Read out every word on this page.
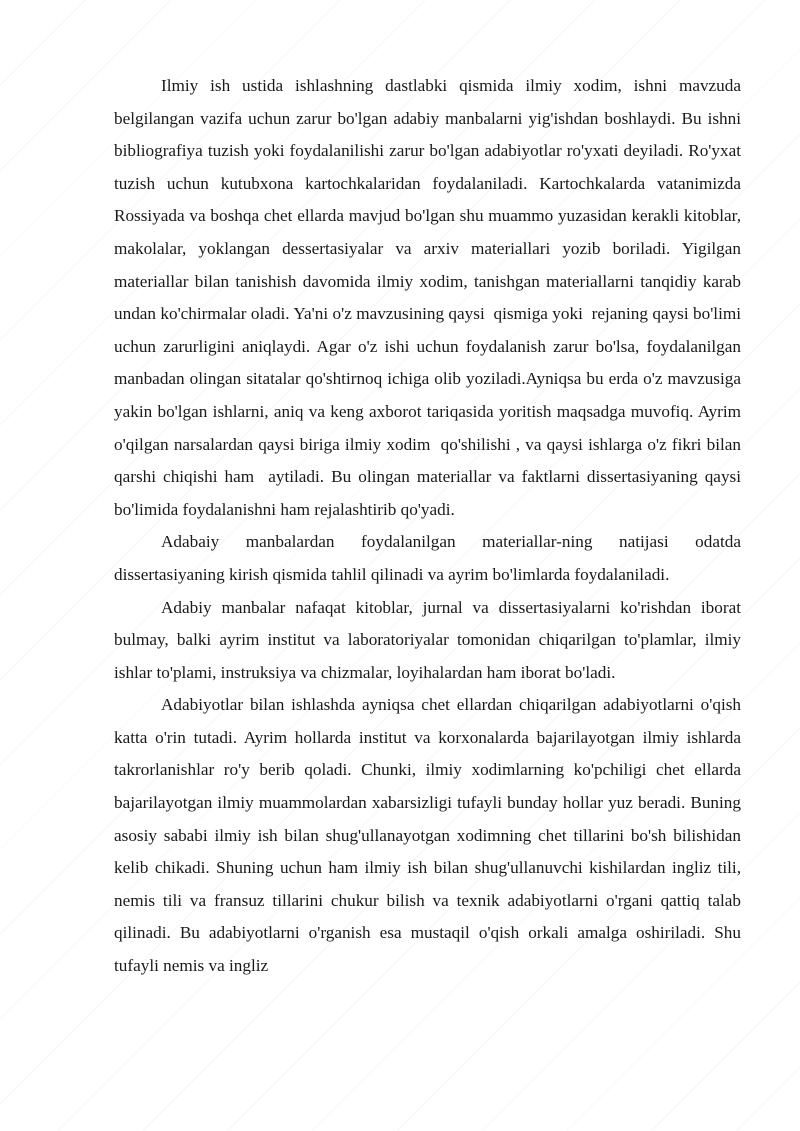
Ilmiy ish ustida ishlashning dastlabki qismida ilmiy xodim, ishni mavzuda belgilangan vazifa uchun zarur bo'lgan adabiy manbalarni yig'ishdan boshlaydi. Bu ishni bibliografiya tuzish yoki foydalanilishi zarur bo'lgan adabiyotlar ro'yxati deyiladi. Ro'yxat tuzish uchun kutubxona kartochkalaridan foydalaniladi. Kartochkalarda vatanimizda Rossiyada va boshqa chet ellarda mavjud bo'lgan shu muammo yuzasidan kerakli kitoblar, makolalar, yoklangan dessertasiyalar va arxiv materiallari yozib boriladi. Yigilgan materiallar bilan tanishish davomida ilmiy xodim, tanishgan materiallarni tanqidiy karab undan ko'chirmalar oladi. Ya'ni o'z mavzusining qaysi  qismiga yoki  rejaning qaysi bo'limi  uchun zarurligini aniqlaydi. Agar o'z ishi uchun foydalanish zarur bo'lsa, foydalanilgan manbadan olingan sitatalar qo'shtirnoq ichiga olib yoziladi.Ayniqsa bu erda o'z mavzusiga yakin bo'lgan ishlarni, aniq va keng axborot tariqasida yoritish maqsadga muvofiq. Ayrim o'qilgan narsalardan qaysi biriga ilmiy xodim  qo'shilishi , va qaysi ishlarga o'z fikri bilan qarshi chiqishi ham  aytiladi. Bu olingan materiallar va faktlarni dissertasiyaning qaysi bo'limida foydalanishni ham rejalashtirib qo'yadi.

Adabaiy manbalardan foydalanilgan materiallar-ning natijasi odatda dissertasiyaning kirish qismida tahlil qilinadi va ayrim bo'limlarda foydalaniladi.

Adabiy manbalar nafaqat kitoblar, jurnal va dissertasiyalarni ko'rishdan iborat bulmay, balki ayrim institut va laboratoriyalar tomonidan chiqarilgan to'plamlar, ilmiy ishlar to'plami, instruksiya va chizmalar, loyihalardan ham iborat bo'ladi.

Adabiyotlar bilan ishlashda ayniqsa chet ellardan chiqarilgan adabiyotlarni o'qish katta o'rin tutadi. Ayrim hollarda institut va korxonalarda bajarilayotgan ilmiy ishlarda takrorlanishlar ro'y berib qoladi. Chunki, ilmiy xodimlarning ko'pchiligi chet ellarda bajarilayotgan ilmiy muammolardan xabarsizligi tufayli bunday hollar yuz beradi. Buning asosiy sababi ilmiy ish bilan shug'ullanayotgan xodimning chet tillarini bo'sh bilishidan kelib chikadi. Shuning uchun ham ilmiy ish bilan shug'ullanuvchi kishilardan ingliz tili, nemis tili va fransuz tillarini chukur bilish va texnik adabiyotlarni o'rgani qattiq talab qilinadi. Bu adabiyotlarni o'rganish esa mustaqil o'qish orkali amalga oshiriladi. Shu tufayli nemis va ingliz
